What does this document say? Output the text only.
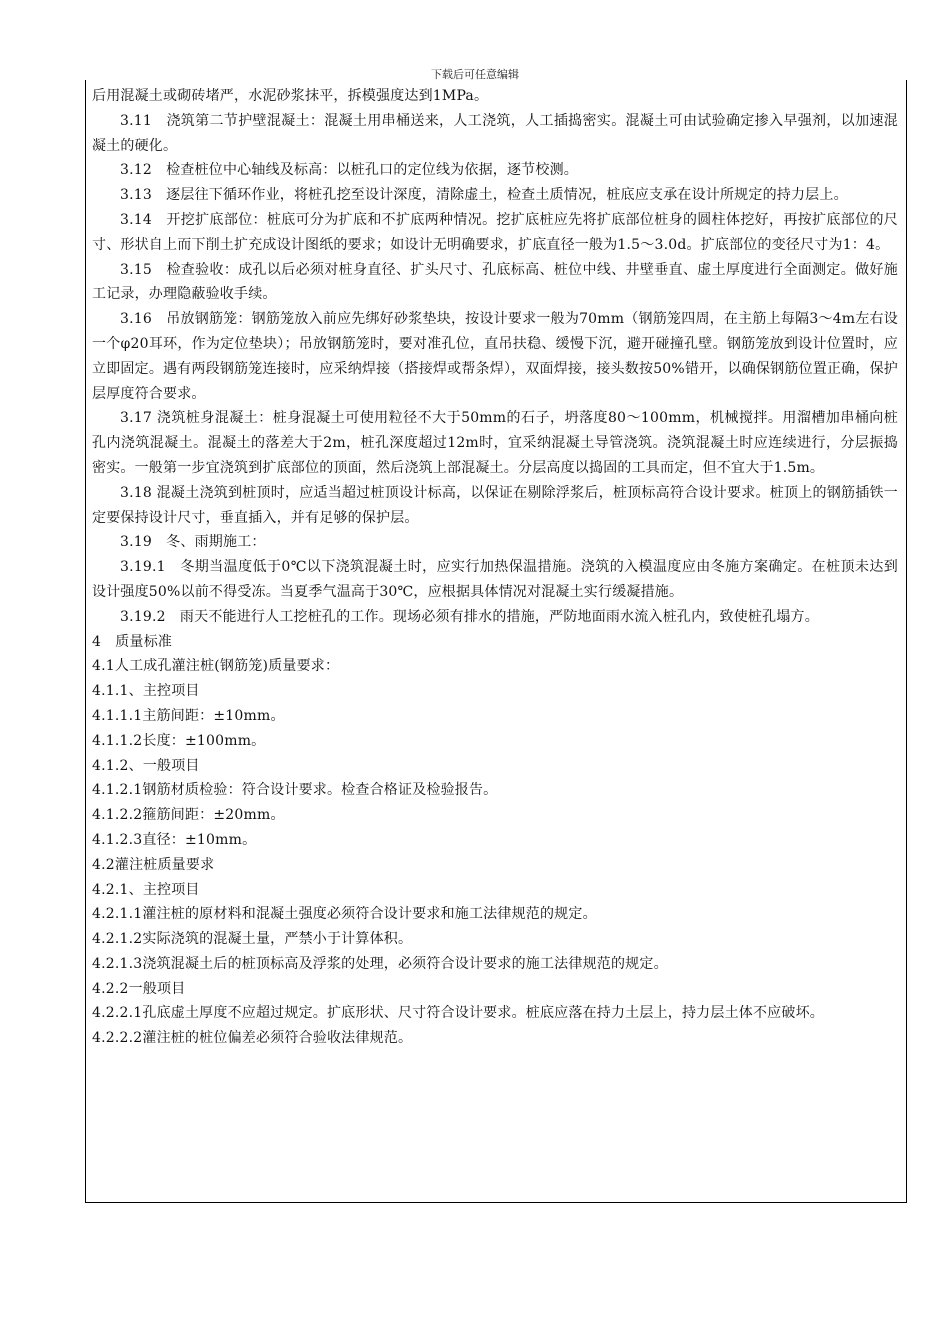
下载后可任意编辑

后用混凝土或砌砖堵严，水泥砂浆抹平，拆模强度达到1MPa。

3.11　浇筑第二节护壁混凝土：混凝土用串桶送来，人工浇筑，人工插捣密实。混凝土可由试验确定掺入早强剂，以加速混凝土的硬化。

3.12　检查桩位中心轴线及标高：以桩孔口的定位线为依据，逐节校测。

3.13　逐层往下循环作业，将桩孔挖至设计深度，清除虚土，检查土质情况，桩底应支承在设计所规定的持力层上。

3.14　开挖扩底部位：桩底可分为扩底和不扩底两种情况。挖扩底桩应先将扩底部位桩身的圆柱体挖好，再按扩底部位的尺寸、形状自上而下削土扩充成设计图纸的要求；如设计无明确要求，扩底直径一般为1.5～3.0d。扩底部位的变径尺寸为1：4。

3.15　检查验收：成孔以后必须对桩身直径、扩头尺寸、孔底标高、桩位中线、井壁垂直、虚土厚度进行全面测定。做好施工记录，办理隐蔽验收手续。

3.16　吊放钢筋笼：钢筋笼放入前应先绑好砂浆垫块，按设计要求一般为70mm（钢筋笼四周，在主筋上每隔3～4m左右设一个φ20耳环，作为定位垫块）；吊放钢筋笼时，要对准孔位，直吊扶稳、缓慢下沉，避开碰撞孔壁。钢筋笼放到设计位置时，应立即固定。遇有两段钢筋笼连接时，应采纳焊接（搭接焊或帮条焊），双面焊接，接头数按50%错开，以确保钢筋位置正确，保护层厚度符合要求。

3.17 浇筑桩身混凝土：桩身混凝土可使用粒径不大于50mm的石子，坍落度80～100mm，机械搅拌。用溜槽加串桶向桩孔内浇筑混凝土。混凝土的落差大于2m，桩孔深度超过12m时，宜采纳混凝土导管浇筑。浇筑混凝土时应连续进行，分层振捣密实。一般第一步宜浇筑到扩底部位的顶面，然后浇筑上部混凝土。分层高度以捣固的工具而定，但不宜大于1.5m。

3.18 混凝土浇筑到桩顶时，应适当超过桩顶设计标高，以保证在剔除浮浆后，桩顶标高符合设计要求。桩顶上的钢筋插铁一定要保持设计尺寸，垂直插入，并有足够的保护层。

3.19　冬、雨期施工：

3.19.1　冬期当温度低于0℃以下浇筑混凝土时，应实行加热保温措施。浇筑的入模温度应由冬施方案确定。在桩顶未达到设计强度50%以前不得受冻。当夏季气温高于30℃，应根据具体情况对混凝土实行缓凝措施。

3.19.2　雨天不能进行人工挖桩孔的工作。现场必须有排水的措施，严防地面雨水流入桩孔内，致使桩孔塌方。

4　质量标准

4.1人工成孔灌注桩(钢筋笼)质量要求：

4.1.1、主控项目

4.1.1.1主筋间距：±10mm。

4.1.1.2长度：±100mm。

4.1.2、一般项目

4.1.2.1钢筋材质检验：符合设计要求。检查合格证及检验报告。

4.1.2.2箍筋间距：±20mm。

4.1.2.3直径：±10mm。

4.2灌注桩质量要求

4.2.1、主控项目

4.2.1.1灌注桩的原材料和混凝土强度必须符合设计要求和施工法律规范的规定。

4.2.1.2实际浇筑的混凝土量，严禁小于计算体积。

4.2.1.3浇筑混凝土后的桩顶标高及浮浆的处理，必须符合设计要求的施工法律规范的规定。

4.2.2一般项目

4.2.2.1孔底虚土厚度不应超过规定。扩底形状、尺寸符合设计要求。桩底应落在持力土层上，持力层土体不应破坏。

4.2.2.2灌注桩的桩位偏差必须符合验收法律规范。
